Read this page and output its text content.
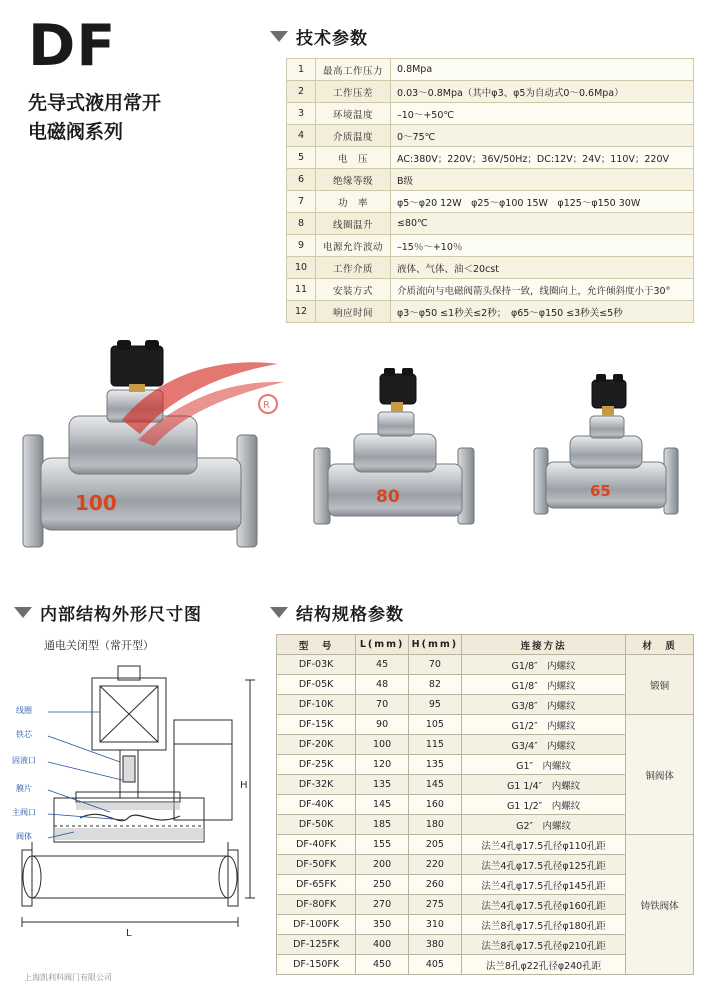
DF
先导式液用常开
电磁阀系列
技术参数
1	最高工作压力	0.8Mpa
2	工作压差	0.03～0.8Mpa（其中φ3、φ5为自动式0～0.6Mpa）
3	环境温度	–10～+50℃
4	介质温度	0～75℃
5	电　压	AC:380V；220V；36V/50Hz；DC:12V；24V；110V；220V
6	绝缘等级	B级
7	功　率	φ5～φ20 12W　φ25～φ100 15W　φ125～φ150 30W
8	线圈温升	≤80℃
9	电源允许波动	–15％～+10％
10	工作介质	液体、气体、油＜20cst
11	安装方式	介质流向与电磁阀箭头保持一致，线圈向上，允许倾斜度小于30°
12	响应时间	φ3～φ50 ≤1秒关≤2秒；　φ65～φ150 ≤3秒关≤5秒
100	80	65
R
内部结构外形尺寸图
通电关闭型（常开型）
H
L
线圈
铁芯
固液口
膜片
主阀口
阀体
结构规格参数
型　号	L(mm)	H(mm)	连接方法	材　质
DF-03K	45	70	G1/8″　内螺纹	锻铜
DF-05K	48	82	G1/8″　内螺纹	
DF-10K	70	95	G3/8″　内螺纹	
DF-15K	90	105	G1/2″　内螺纹	铜阀体
DF-20K	100	115	G3/4″　内螺纹	
DF-25K	120	135	G1″　内螺纹	
DF-32K	135	145	G1 1/4″　内螺纹	
DF-40K	145	160	G1 1/2″　内螺纹	
DF-50K	185	180	G2″　内螺纹	
DF-40FK	155	205	法兰4孔φ17.5孔径φ110孔距	铸铁阀体
DF-50FK	200	220	法兰4孔φ17.5孔径φ125孔距	
DF-65FK	250	260	法兰4孔φ17.5孔径φ145孔距	
DF-80FK	270	275	法兰4孔φ17.5孔径φ160孔距	
DF-100FK	350	310	法兰8孔φ17.5孔径φ180孔距	
DF-125FK	400	380	法兰8孔φ17.5孔径φ210孔距	
DF-150FK	450	405	法兰8孔φ22孔径φ240孔距	
上海凯利科阀门有限公司
